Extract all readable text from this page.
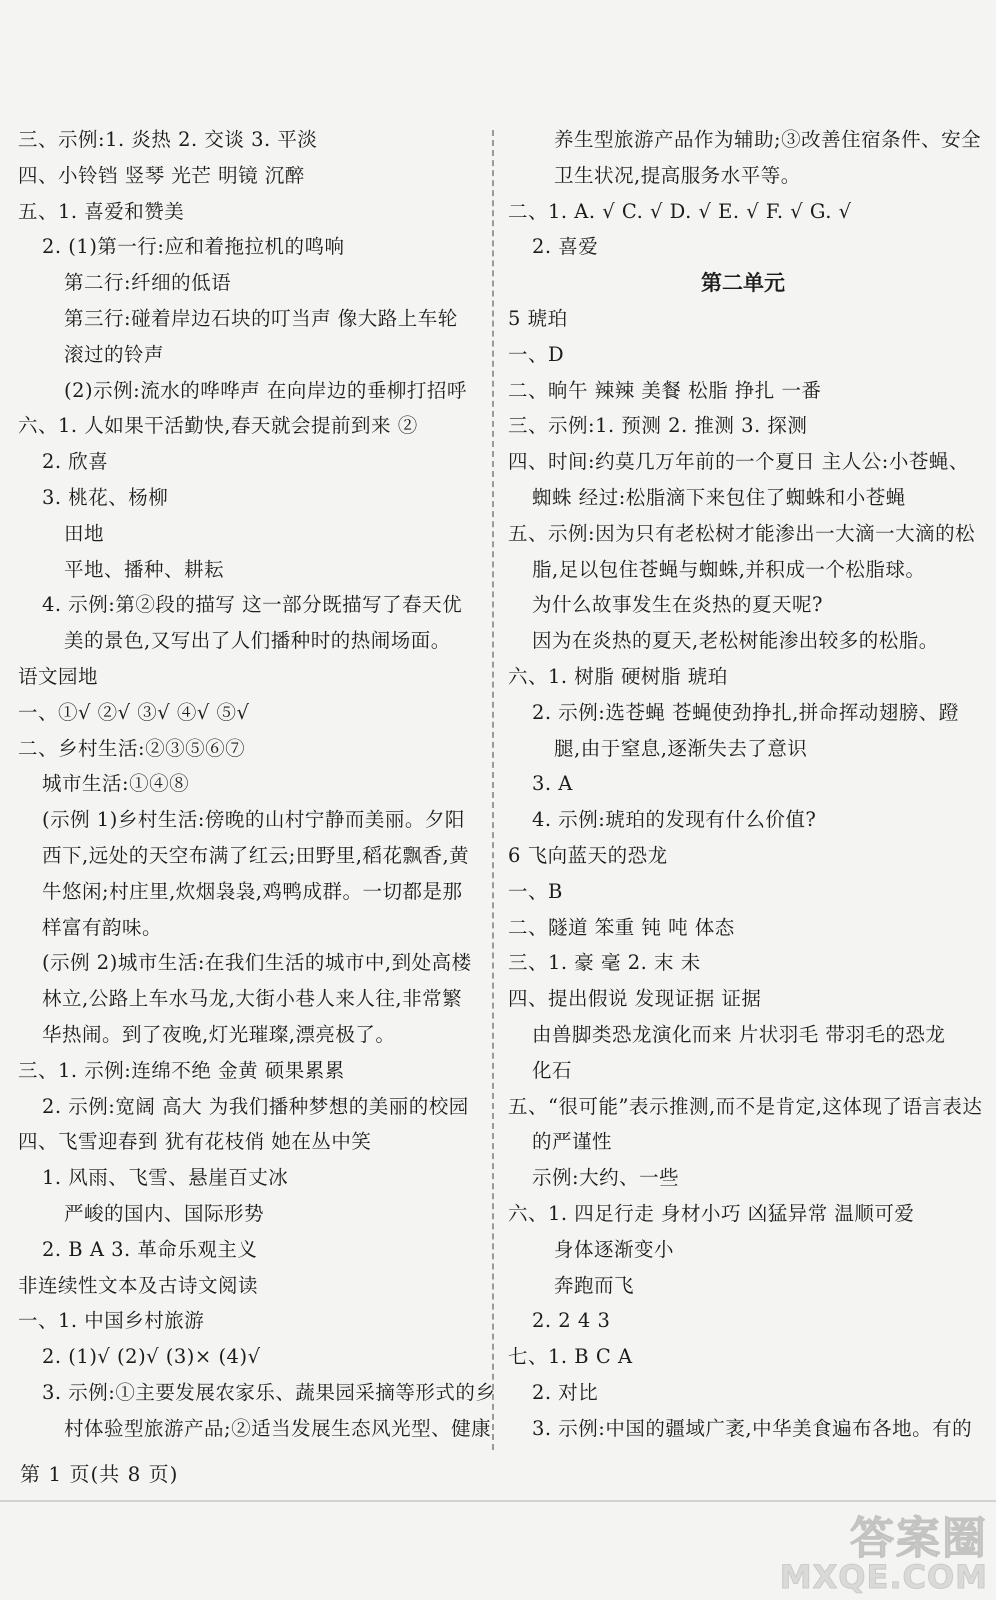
三、示例:1. 炎热 2. 交谈 3. 平淡
四、小铃铛 竖琴 光芒 明镜 沉醉
五、1. 喜爱和赞美
2. (1)第一行:应和着拖拉机的鸣响
第二行:纤细的低语
第三行:碰着岸边石块的叮当声 像大路上车轮
滚过的铃声
(2)示例:流水的哗哗声 在向岸边的垂柳打招呼
六、1. 人如果干活勤快,春天就会提前到来 ②
2. 欣喜
3. 桃花、杨柳
田地
平地、播种、耕耘
4. 示例:第②段的描写 这一部分既描写了春天优
美的景色,又写出了人们播种时的热闹场面。
语文园地
一、①√ ②√ ③√ ④√ ⑤√
二、乡村生活:②③⑤⑥⑦
城市生活:①④⑧
(示例 1)乡村生活:傍晚的山村宁静而美丽。夕阳
西下,远处的天空布满了红云;田野里,稻花飘香,黄
牛悠闲;村庄里,炊烟袅袅,鸡鸭成群。一切都是那
样富有韵味。
(示例 2)城市生活:在我们生活的城市中,到处高楼
林立,公路上车水马龙,大街小巷人来人往,非常繁
华热闹。到了夜晚,灯光璀璨,漂亮极了。
三、1. 示例:连绵不绝 金黄 硕果累累
2. 示例:宽阔 高大 为我们播种梦想的美丽的校园
四、飞雪迎春到 犹有花枝俏 她在丛中笑
1. 风雨、飞雪、悬崖百丈冰
严峻的国内、国际形势
2. B A 3. 革命乐观主义
非连续性文本及古诗文阅读
一、1. 中国乡村旅游
2. (1)√ (2)√ (3)× (4)√
3. 示例:①主要发展农家乐、蔬果园采摘等形式的乡
村体验型旅游产品;②适当发展生态风光型、健康
养生型旅游产品作为辅助;③改善住宿条件、安全
卫生状况,提高服务水平等。
二、1. A. √ C. √ D. √ E. √ F. √ G. √
2. 喜爱
第二单元
5 琥珀
一、D
二、晌午 辣辣 美餐 松脂 挣扎 一番
三、示例:1. 预测 2. 推测 3. 探测
四、时间:约莫几万年前的一个夏日 主人公:小苍蝇、
蜘蛛 经过:松脂滴下来包住了蜘蛛和小苍蝇
五、示例:因为只有老松树才能渗出一大滴一大滴的松
脂,足以包住苍蝇与蜘蛛,并积成一个松脂球。
为什么故事发生在炎热的夏天呢?
因为在炎热的夏天,老松树能渗出较多的松脂。
六、1. 树脂 硬树脂 琥珀
2. 示例:选苍蝇 苍蝇使劲挣扎,拼命挥动翅膀、蹬
腿,由于窒息,逐渐失去了意识
3. A
4. 示例:琥珀的发现有什么价值?
6 飞向蓝天的恐龙
一、B
二、隧道 笨重 钝 吨 体态
三、1. 豪 毫 2. 末 未
四、提出假说 发现证据 证据
由兽脚类恐龙演化而来 片状羽毛 带羽毛的恐龙
化石
五、“很可能”表示推测,而不是肯定,这体现了语言表达
的严谨性
示例:大约、一些
六、1. 四足行走 身材小巧 凶猛异常 温顺可爱
身体逐渐变小
奔跑而飞
2. 2 4 3
七、1. B C A
2. 对比
3. 示例:中国的疆域广袤,中华美食遍布各地。有的
第 1 页(共 8 页)
答案圈
MXQE.COM
